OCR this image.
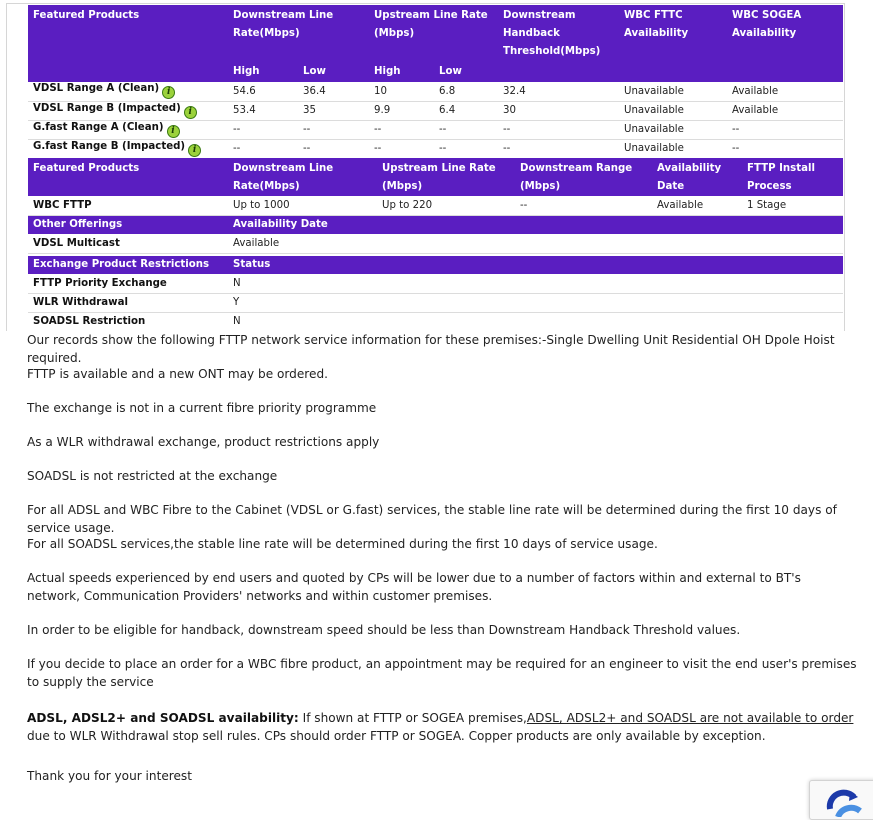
Featured Products	Downstream Line Rate(Mbps)		Upstream Line Rate (Mbps)		Downstream Handback Threshold(Mbps)	WBC FTTC Availability	WBC SOGEA Availability
	High	Low	High	Low			
VDSL Range A (Clean) i	54.6	36.4	10	6.8	32.4	Unavailable	Available
VDSL Range B (Impacted) i	53.4	35	9.9	6.4	30	Unavailable	Available
G.fast Range A (Clean) i	--	--	--	--	--	Unavailable	--
G.fast Range B (Impacted) i	--	--	--	--	--	Unavailable	--
Featured Products	Downstream Line Rate(Mbps)	Upstream Line Rate (Mbps)	Downstream Range (Mbps)	Availability Date	FTTP Install Process
WBC FTTP	Up to 1000	Up to 220	--	Available	1 Stage
Other Offerings	Availability Date
VDSL Multicast	Available
Exchange Product Restrictions	Status
FTTP Priority Exchange	N
WLR Withdrawal	Y
SOADSL Restriction	N

Our records show the following FTTP network service information for these premises:-Single Dwelling Unit Residential OH Dpole Hoist required.

FTTP is available and a new ONT may be ordered.

The exchange is not in a current fibre priority programme

As a WLR withdrawal exchange, product restrictions apply

SOADSL is not restricted at the exchange

For all ADSL and WBC Fibre to the Cabinet (VDSL or G.fast) services, the stable line rate will be determined during the first 10 days of service usage.

For all SOADSL services,the stable line rate will be determined during the first 10 days of service usage.

Actual speeds experienced by end users and quoted by CPs will be lower due to a number of factors within and external to BT's network, Communication Providers' networks and within customer premises.

In order to be eligible for handback, downstream speed should be less than Downstream Handback Threshold values.

If you decide to place an order for a WBC fibre product, an appointment may be required for an engineer to visit the end user's premises to supply the service

ADSL, ADSL2+ and SOADSL availability: If shown at FTTP or SOGEA premises,ADSL, ADSL2+ and SOADSL are not available to order due to WLR Withdrawal stop sell rules. CPs should order FTTP or SOGEA. Copper products are only available by exception.

Thank you for your interest
